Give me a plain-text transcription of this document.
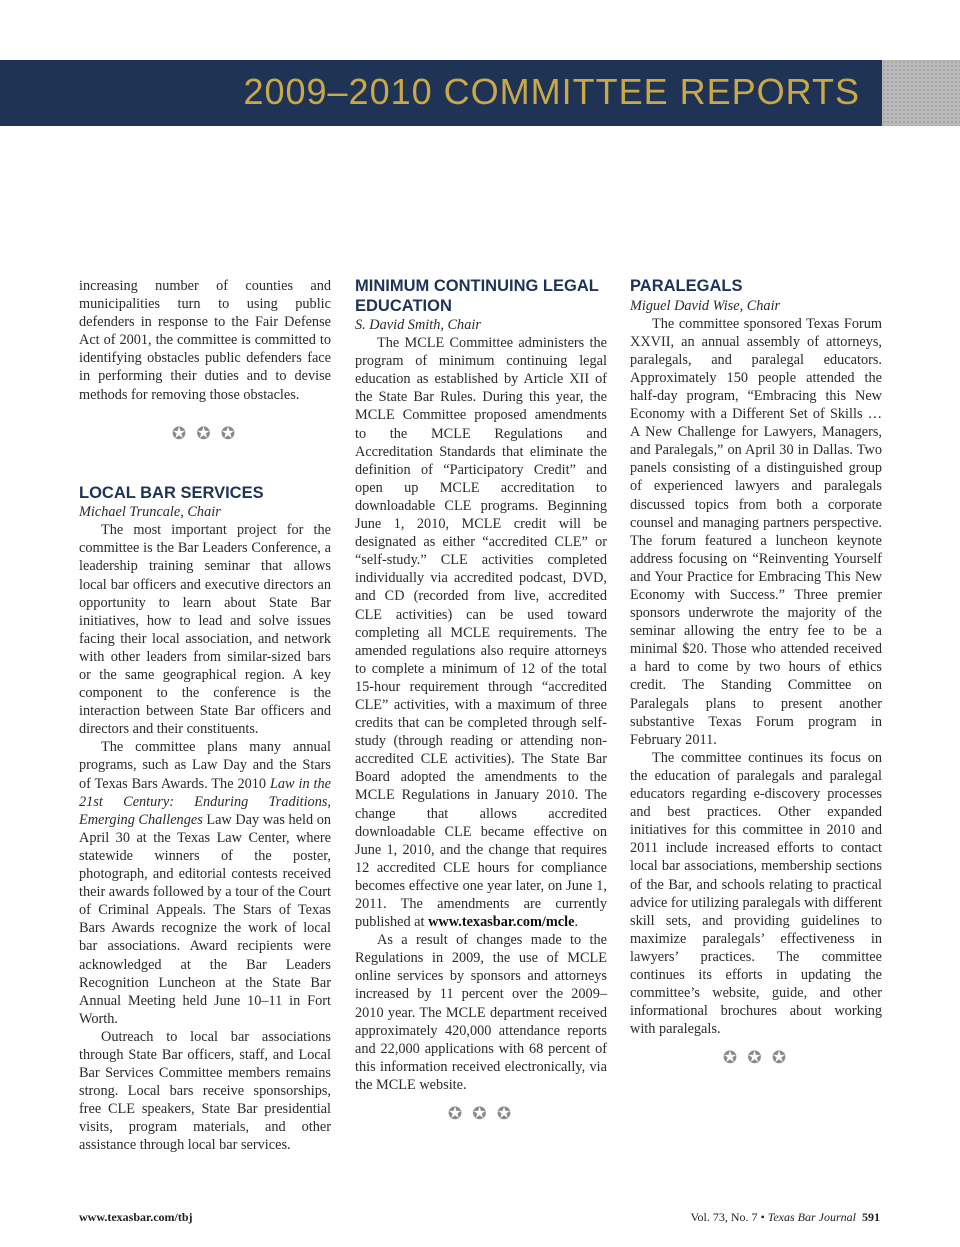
2009–2010 COMMITTEE REPORTS

increasing number of counties and municipalities turn to using public defenders in response to the Fair Defense Act of 2001, the committee is committed to identifying obstacles public defenders face in performing their duties and to devise methods for removing those obstacles.

✪ ✪ ✪
LOCAL BAR SERVICES
Michael Truncale, Chair

The most important project for the committee is the Bar Leaders Conference, a leadership training seminar that allows local bar officers and executive directors an opportunity to learn about State Bar initiatives, how to lead and solve issues facing their local association, and network with other leaders from similar-sized bars or the same geographical region. A key component to the conference is the interaction between State Bar officers and directors and their constituents.

The committee plans many annual programs, such as Law Day and the Stars of Texas Bars Awards. The 2010 Law in the 21st Century: Enduring Traditions, Emerging Challenges Law Day was held on April 30 at the Texas Law Center, where statewide winners of the poster, photograph, and editorial contests received their awards followed by a tour of the Court of Criminal Appeals. The Stars of Texas Bars Awards recognize the work of local bar associations. Award recipients were acknowledged at the Bar Leaders Recognition Luncheon at the State Bar Annual Meeting held June 10–11 in Fort Worth.

Outreach to local bar associations through State Bar officers, staff, and Local Bar Services Committee members remains strong. Local bars receive sponsorships, free CLE speakers, State Bar presidential visits, program materials, and other assistance through local bar services.

MINIMUM CONTINUING LEGAL EDUCATION
S. David Smith, Chair

The MCLE Committee administers the program of minimum continuing legal education as established by Article XII of the State Bar Rules. During this year, the MCLE Committee proposed amendments to the MCLE Regulations and Accreditation Standards that eliminate the definition of “Participatory Credit” and open up MCLE accreditation to downloadable CLE programs. Beginning June 1, 2010, MCLE credit will be designated as either “accredited CLE” or “self-study.” CLE activities completed individually via accredited podcast, DVD, and CD (recorded from live, accredited CLE activities) can be used toward completing all MCLE requirements. The amended regulations also require attorneys to complete a minimum of 12 of the total 15-hour requirement through “accredited CLE” activities, with a maximum of three credits that can be completed through self-study (through reading or attending non-accredited CLE activities). The State Bar Board adopted the amendments to the MCLE Regulations in January 2010. The change that allows accredited downloadable CLE became effective on June 1, 2010, and the change that requires 12 accredited CLE hours for compliance becomes effective one year later, on June 1, 2011. The amendments are currently published at www.texasbar.com/mcle.

As a result of changes made to the Regulations in 2009, the use of MCLE online services by sponsors and attorneys increased by 11 percent over the 2009–2010 year. The MCLE department received approximately 420,000 attendance reports and 22,000 applications with 68 percent of this information received electronically, via the MCLE website.

✪ ✪ ✪
PARALEGALS
Miguel David Wise, Chair

The committee sponsored Texas Forum XXVII, an annual assembly of attorneys, paralegals, and paralegal educators. Approximately 150 people attended the half-day program, “Embracing this New Economy with a Different Set of Skills … A New Challenge for Lawyers, Managers, and Paralegals,” on April 30 in Dallas. Two panels consisting of a distinguished group of experienced lawyers and paralegals discussed topics from both a corporate counsel and managing partners perspective. The forum featured a luncheon keynote address focusing on “Reinventing Yourself and Your Practice for Embracing This New Economy with Success.” Three premier sponsors underwrote the majority of the seminar allowing the entry fee to be a minimal $20. Those who attended received a hard to come by two hours of ethics credit. The Standing Committee on Paralegals plans to present another substantive Texas Forum program in February 2011.

The committee continues its focus on the education of paralegals and paralegal educators regarding e-discovery processes and best practices. Other expanded initiatives for this committee in 2010 and 2011 include increased efforts to contact local bar associations, membership sections of the Bar, and schools relating to practical advice for utilizing paralegals with different skill sets, and providing guidelines to maximize paralegals’ effectiveness in lawyers’ practices. The committee continues its efforts in updating the committee’s website, guide, and other informational brochures about working with paralegals.

✪ ✪ ✪
www.texasbar.com/tbj	Vol. 73, No. 7 • Texas Bar Journal 591
